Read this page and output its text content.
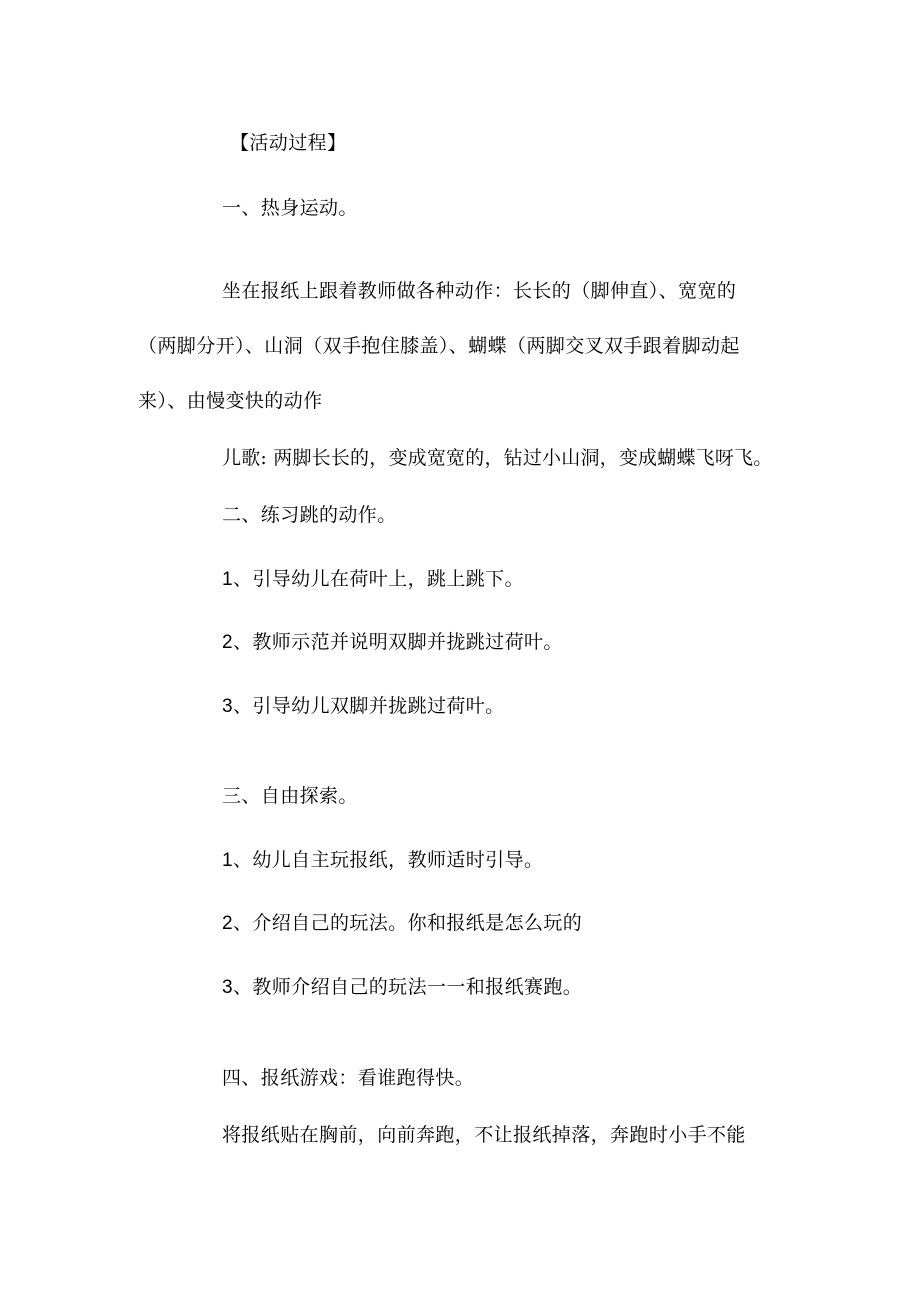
【活动过程】

一、热身运动。

坐在报纸上跟着教师做各种动作：长长的（脚伸直）、宽宽的

（两脚分开）、山洞（双手抱住膝盖）、蝴蝶（两脚交叉双手跟着脚动起

来）、由慢变快的动作

儿歌: 两脚长长的，变成宽宽的，钻过小山洞，变成蝴蝶飞呀飞。

二、练习跳的动作。

1、引导幼儿在荷叶上，跳上跳下。

2、教师示范并说明双脚并拢跳过荷叶。

3、引导幼儿双脚并拢跳过荷叶。

三、自由探索。

1、幼儿自主玩报纸，教师适时引导。

2、介绍自己的玩法。你和报纸是怎么玩的

3、教师介绍自己的玩法一一和报纸赛跑。

四、报纸游戏：看谁跑得快。

将报纸贴在胸前，向前奔跑，不让报纸掉落，奔跑时小手不能
